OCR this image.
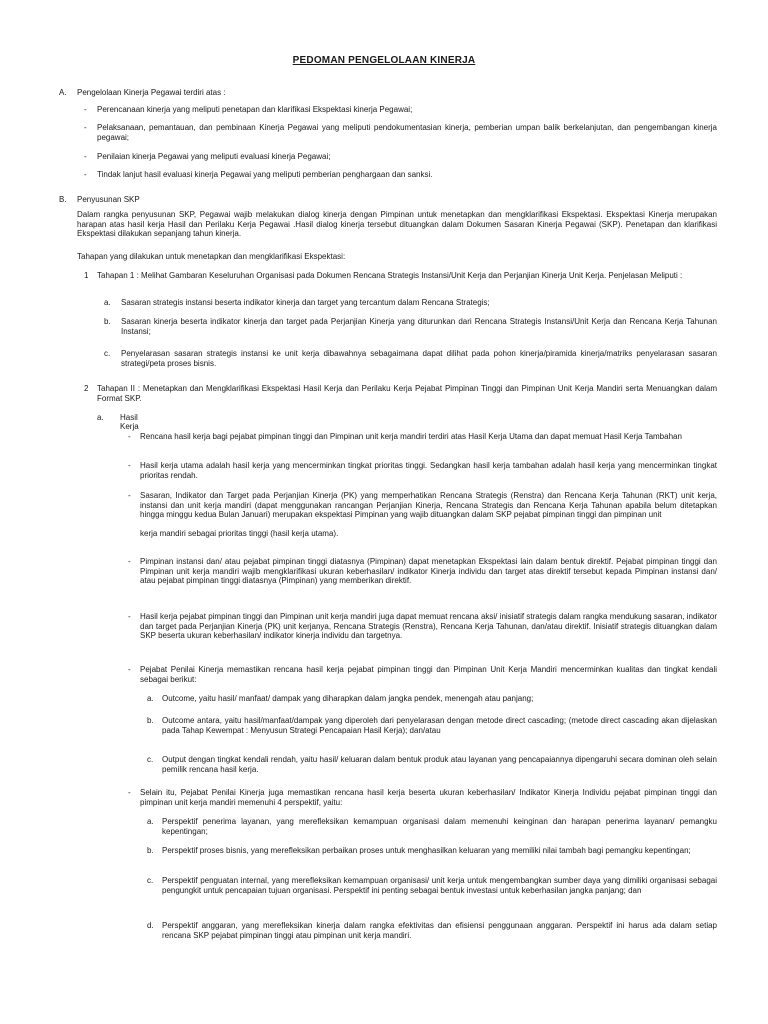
PEDOMAN PENGELOLAAN KINERJA
A. Pengelolaan Kinerja Pegawai terdiri atas :
- Perencanaan kinerja yang meliputi penetapan dan klarifikasi Ekspektasi kinerja Pegawai;
- Pelaksanaan, pemantauan, dan pembinaan Kinerja Pegawai yang meliputi pendokumentasian kinerja, pemberian umpan balik berkelanjutan, dan pengembangan kinerja pegawai;
- Penilaian kinerja Pegawai yang meliputi evaluasi kinerja Pegawai;
- Tindak lanjut hasil evaluasi kinerja Pegawai yang meliputi pemberian penghargaan dan sanksi.
B. Penyusunan SKP
Dalam rangka penyusunan SKP, Pegawai wajib melakukan dialog kinerja dengan Pimpinan untuk menetapkan dan mengklarifikasi Ekspektasi. Ekspektasi Kinerja merupakan harapan atas hasil kerja Hasil dan Perilaku Kerja Pegawai .Hasil dialog kinerja tersebut dituangkan dalam Dokumen Sasaran Kinerja Pegawai (SKP). Penetapan dan klarifikasi Ekspektasi dilakukan sepanjang tahun kinerja.
Tahapan yang dilakukan untuk menetapkan dan mengklarifikasi Ekspektasi:
1 Tahapan 1 : Melihat Gambaran Keseluruhan Organisasi pada Dokumen Rencana Strategis Instansi/Unit Kerja dan Perjanjian Kinerja Unit Kerja. Penjelasan Meliputi :
a. Sasaran strategis instansi beserta indikator kinerja dan target yang tercantum dalam Rencana Strategis;
b. Sasaran kinerja beserta indikator kinerja dan target pada Perjanjian Kinerja yang diturunkan dari Rencana Strategis Instansi/Unit Kerja dan Rencana Kerja Tahunan Instansi;
c. Penyelarasan sasaran strategis instansi ke unit kerja dibawahnya sebagaimana dapat dilihat pada pohon kinerja/piramida kinerja/matriks penyelarasan sasaran strategi/peta proses bisnis.
2 Tahapan II : Menetapkan dan Mengklarifikasi Ekspektasi Hasil Kerja dan Perilaku Kerja Pejabat Pimpinan Tinggi dan Pimpinan Unit Kerja Mandiri serta Menuangkan dalam Format SKP.
a. Hasil
Kerja
- Rencana hasil kerja bagi pejabat pimpinan tinggi dan Pimpinan unit kerja mandiri terdiri atas Hasil Kerja Utama dan dapat memuat Hasil Kerja Tambahan
- Hasil kerja utama adalah hasil kerja yang mencerminkan tingkat prioritas tinggi. Sedangkan hasil kerja tambahan adalah hasil kerja yang mencerminkan tingkat prioritas rendah.
- Sasaran, Indikator dan Target pada Perjanjian Kinerja (PK) yang memperhatikan Rencana Strategis (Renstra) dan Rencana Kerja Tahunan (RKT) unit kerja, instansi dan unit kerja mandiri (dapat menggunakan rancangan Perjanjian Kinerja, Rencana Strategis dan Rencana Kerja Tahunan apabila belum ditetapkan hingga minggu kedua Bulan Januari) merupakan ekspektasi Pimpinan yang wajib dituangkan dalam SKP pejabat pimpinan tinggi dan pimpinan unit
kerja mandiri sebagai prioritas tinggi (hasil kerja utama).
- Pimpinan instansi dan/ atau pejabat pimpinan tinggi diatasnya (Pimpinan) dapat menetapkan Ekspektasi lain dalam bentuk direktif. Pejabat pimpinan tinggi dan Pimpinan unit kerja mandiri wajib mengklarifikasi ukuran keberhasilan/ indikator Kinerja individu dan target atas direktif tersebut kepada Pimpinan instansi dan/ atau pejabat pimpinan tinggi diatasnya (Pimpinan) yang memberikan direktif.
- Hasil kerja pejabat pimpinan tinggi dan Pimpinan unit kerja mandiri juga dapat memuat rencana aksi/ inisiatif strategis dalam rangka mendukung sasaran, indikator dan target pada Perjanjian Kinerja (PK) unit kerjanya, Rencana Strategis (Renstra), Rencana Kerja Tahunan, dan/atau direktif. Inisiatif strategis dituangkan dalam SKP beserta ukuran keberhasilan/ indikator kinerja individu dan targetnya.
- Pejabat Penilai Kinerja memastikan rencana hasil kerja pejabat pimpinan tinggi dan Pimpinan Unit Kerja Mandiri mencerminkan kualitas dan tingkat kendali sebagai berikut:
a. Outcome, yaitu hasil/ manfaat/ dampak yang diharapkan dalam jangka pendek, menengah atau panjang;
b. Outcome antara, yaitu hasil/manfaat/dampak yang diperoleh dari penyelarasan dengan metode direct cascading; (metode direct cascading akan dijelaskan pada Tahap Kewempat : Menyusun Strategi Pencapaian Hasil Kerja); dan/atau
c. Output dengan tingkat kendali rendah, yaitu hasil/ keluaran dalam bentuk produk atau layanan yang pencapaiannya dipengaruhi secara dominan oleh selain pemilik rencana hasil kerja.
- Selain itu, Pejabat Penilai Kinerja juga memastikan rencana hasil kerja beserta ukuran keberhasilan/ Indikator Kinerja Individu pejabat pimpinan tinggi dan pimpinan unit kerja mandiri memenuhi 4 perspektif, yaitu:
a. Perspektif penerima layanan, yang merefleksikan kemampuan organisasi dalam memenuhi keinginan dan harapan penerima layanan/ pemangku kepentingan;
b. Perspektif proses bisnis, yang merefleksikan perbaikan proses untuk menghasilkan keluaran yang memiliki nilai tambah bagi pemangku kepentingan;
c. Perspektif penguatan internal, yang merefleksikan kemampuan organisasi/ unit kerja untuk mengembangkan sumber daya yang dimiliki organisasi sebagai pengungkit untuk pencapaian tujuan organisasi. Perspektif ini penting sebagai bentuk investasi untuk keberhasilan jangka panjang; dan
d. Perspektif anggaran, yang merefleksikan kinerja dalam rangka efektivitas dan efisiensi penggunaan anggaran. Perspektif ini harus ada dalam setiap rencana SKP pejabat pimpinan tinggi atau pimpinan unit kerja mandiri.
